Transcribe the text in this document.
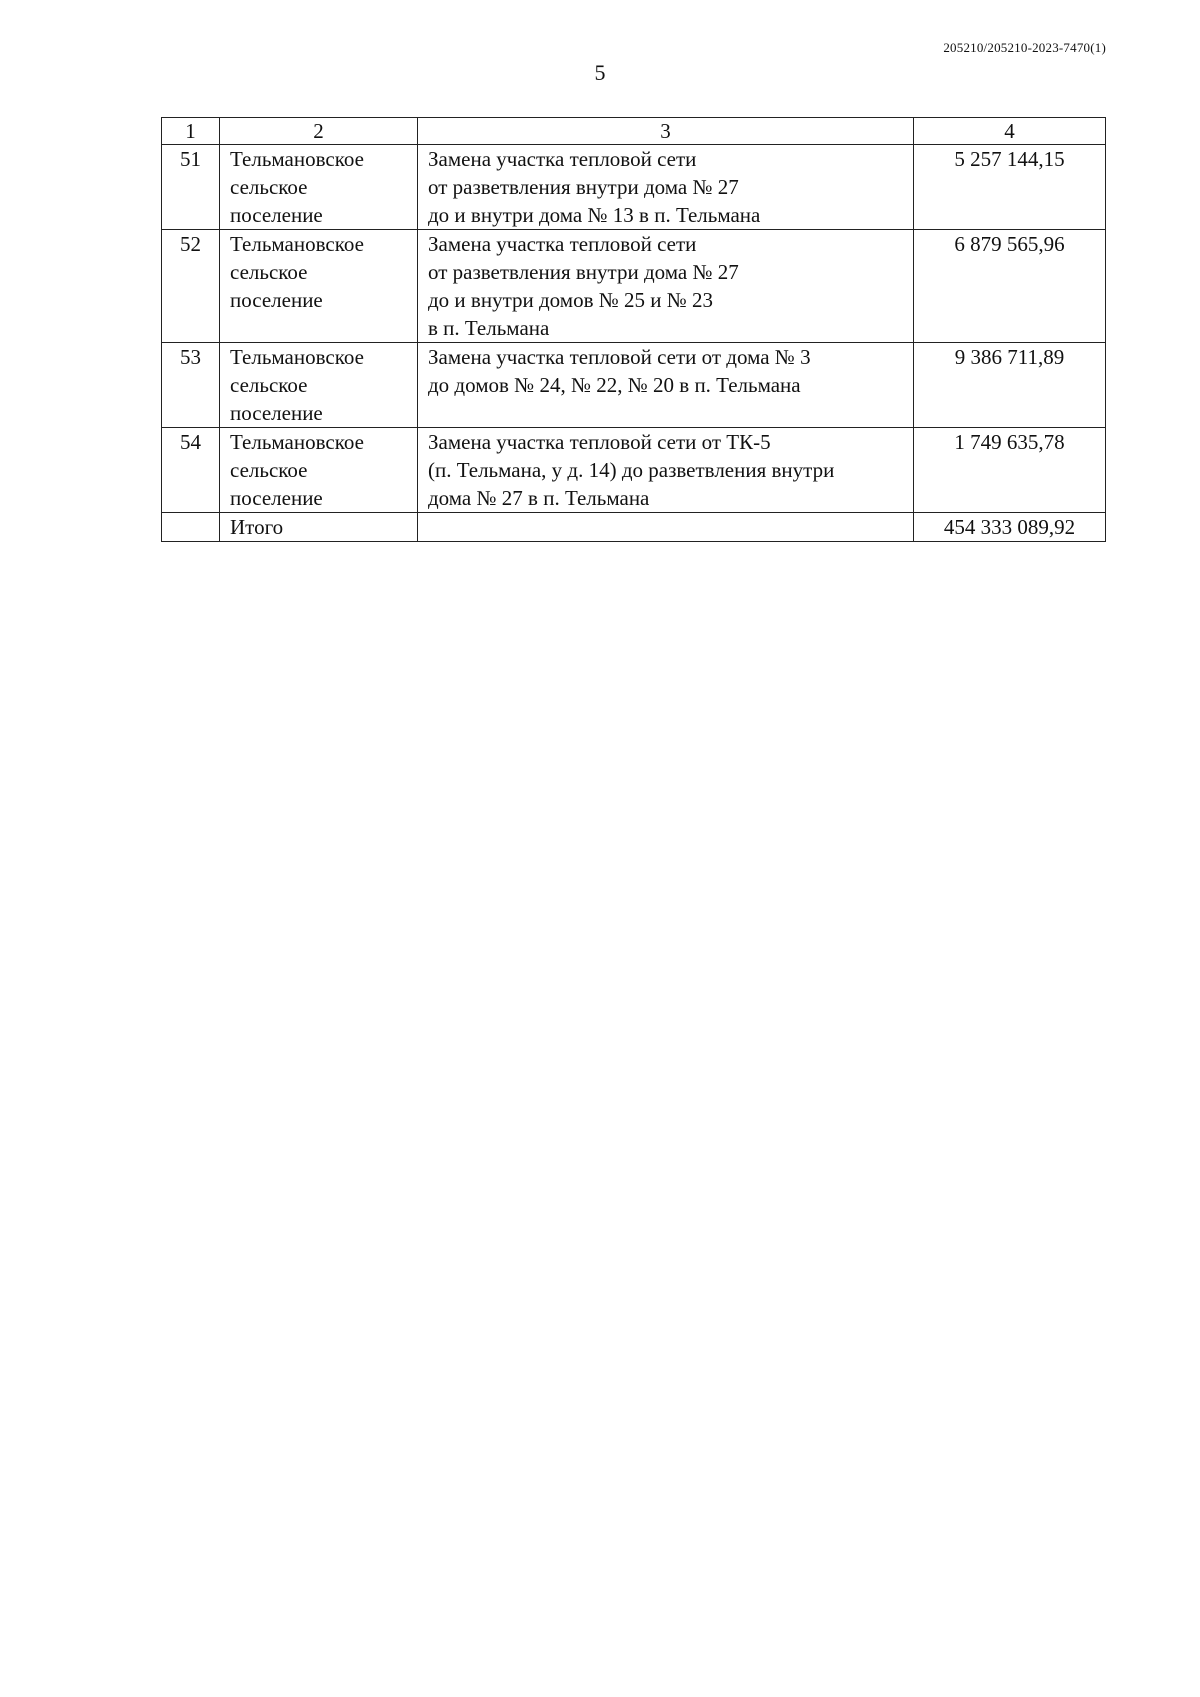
205210/205210-2023-7470(1)
5
1	2	3	4
51	Тельмановское
сельское
поселение	Замена участка тепловой сети
от разветвления внутри дома № 27
до и внутри дома № 13 в п. Тельмана	5 257 144,15
52	Тельмановское
сельское
поселение	Замена участка тепловой сети
от разветвления внутри дома № 27
до и внутри домов № 25 и № 23
в п. Тельмана	6 879 565,96
53	Тельмановское
сельское
поселение	Замена участка тепловой сети от дома № 3
до домов № 24, № 22, № 20 в п. Тельмана	9 386 711,89
54	Тельмановское
сельское
поселение	Замена участка тепловой сети от ТК-5
(п. Тельмана, у д. 14) до разветвления внутри
дома № 27 в п. Тельмана	1 749 635,78
	Итого		454 333 089,92
